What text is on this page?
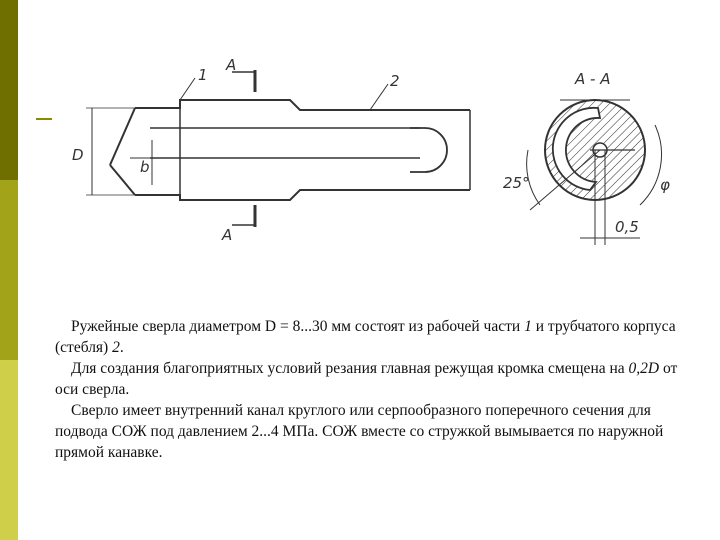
1	2
A
A
A - A
D
b
25°	φ
0,5

Ружейные сверла диаметром D = 8...30 мм состоят из рабочей части 1 и трубчатого корпуса (стебля) 2.

Для создания благоприятных условий резания главная режущая кромка смещена на 0,2D от оси сверла.

Сверло имеет внутренний канал круглого или серпообразного поперечного сечения для подвода СОЖ под давлением 2...4 МПа. СОЖ вместе со стружкой вымывается по наружной прямой канавке.
